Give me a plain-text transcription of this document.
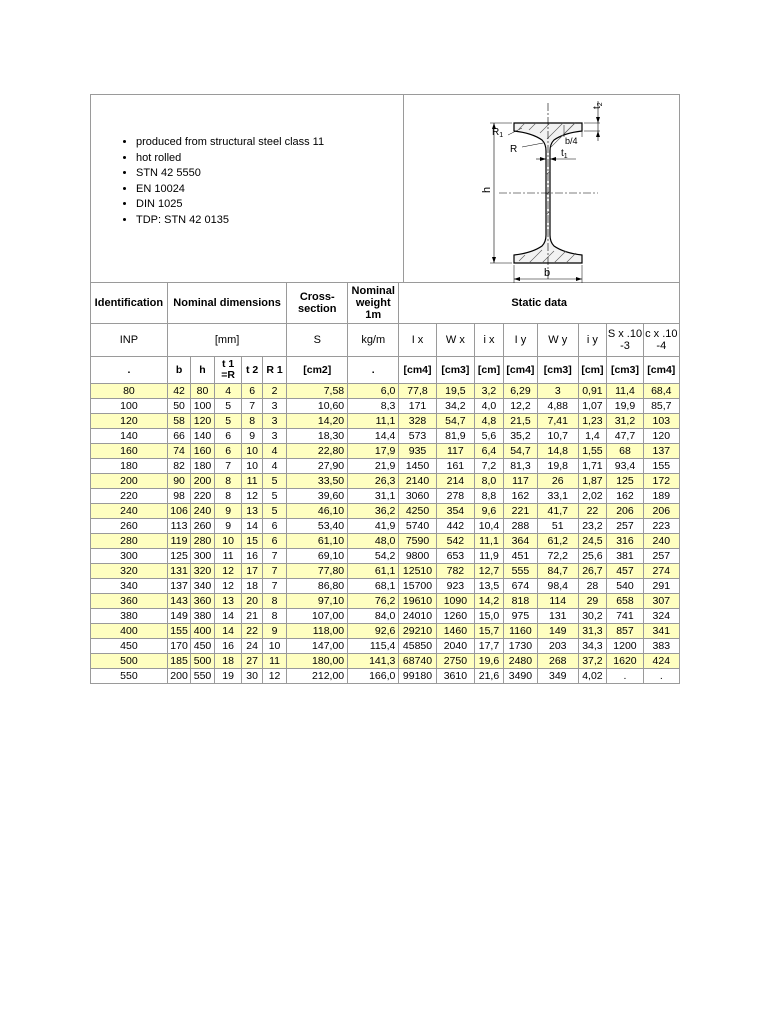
• produced from structural steel class 11
• hot rolled
• STN 42 5550
• EN 10024
• DIN 1025
• TDP: STN 42 0135
$t_2$
$R_1$
b/4
R	$t_1$
h
b
Identification	Nominal dimensions					Cross-section	Nominal weight 1m	Static data							
INP	[mm]					S	kg/m	I x	W x	i x	I y	W y	i y	S x .10 -3	c x .10 -4
.	b	h	t 1 =R	t 2	R 1	[cm2]	.	[cm4]	[cm3]	[cm]	[cm4]	[cm3]	[cm]	[cm3]	[cm4]
80	42	80	4	6	2	7,58	6,0	77,8	19,5	3,2	6,29	3	0,91	11,4	68,4
100	50	100	5	7	3	10,60	8,3	171	34,2	4,0	12,2	4,88	1,07	19,9	85,7
120	58	120	5	8	3	14,20	11,1	328	54,7	4,8	21,5	7,41	1,23	31,2	103
140	66	140	6	9	3	18,30	14,4	573	81,9	5,6	35,2	10,7	1,4	47,7	120
160	74	160	6	10	4	22,80	17,9	935	117	6,4	54,7	14,8	1,55	68	137
180	82	180	7	10	4	27,90	21,9	1450	161	7,2	81,3	19,8	1,71	93,4	155
200	90	200	8	11	5	33,50	26,3	2140	214	8,0	117	26	1,87	125	172
220	98	220	8	12	5	39,60	31,1	3060	278	8,8	162	33,1	2,02	162	189
240	106	240	9	13	5	46,10	36,2	4250	354	9,6	221	41,7	22	206	206
260	113	260	9	14	6	53,40	41,9	5740	442	10,4	288	51	23,2	257	223
280	119	280	10	15	6	61,10	48,0	7590	542	11,1	364	61,2	24,5	316	240
300	125	300	11	16	7	69,10	54,2	9800	653	11,9	451	72,2	25,6	381	257
320	131	320	12	17	7	77,80	61,1	12510	782	12,7	555	84,7	26,7	457	274
340	137	340	12	18	7	86,80	68,1	15700	923	13,5	674	98,4	28	540	291
360	143	360	13	20	8	97,10	76,2	19610	1090	14,2	818	114	29	658	307
380	149	380	14	21	8	107,00	84,0	24010	1260	15,0	975	131	30,2	741	324
400	155	400	14	22	9	118,00	92,6	29210	1460	15,7	1160	149	31,3	857	341
450	170	450	16	24	10	147,00	115,4	45850	2040	17,7	1730	203	34,3	1200	383
500	185	500	18	27	11	180,00	141,3	68740	2750	19,6	2480	268	37,2	1620	424
550	200	550	19	30	12	212,00	166,0	99180	3610	21,6	3490	349	4,02	.	.
